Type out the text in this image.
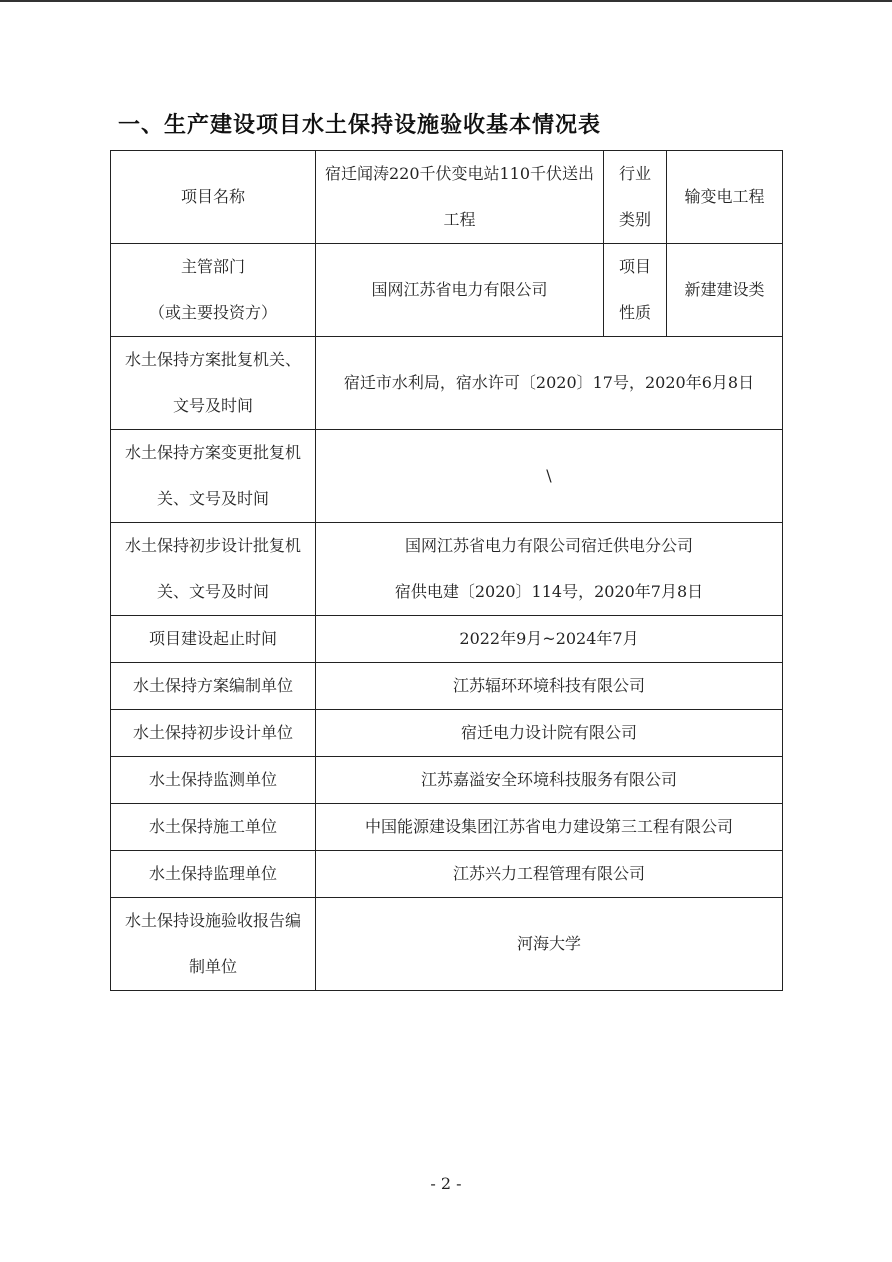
一、生产建设项目水土保持设施验收基本情况表
项目名称	宿迁闻涛220千伏变电站110千伏送出工程	行业类别	输变电工程

主管部门
（或主要投资方）	国网江苏省电力有限公司	项目性质	新建建设类
水土保持方案批复机关、文号及时间	宿迁市水利局，宿水许可〔2020〕17号，2020年6月8日		
水土保持方案变更批复机关、文号及时间	\		
水土保持初步设计批复机关、文号及时间	国网江苏省电力有限公司宿迁供电分公司
宿供电建〔2020〕114号，2020年7月8日		

项目建设起止时间	2022年9月~2024年7月		
水土保持方案编制单位	江苏辐环环境科技有限公司		
水土保持初步设计单位	宿迁电力设计院有限公司		
水土保持监测单位	江苏嘉溢安全环境科技服务有限公司		
水土保持施工单位	中国能源建设集团江苏省电力建设第三工程有限公司		
水土保持监理单位	江苏兴力工程管理有限公司		
水土保持设施验收报告编制单位	河海大学		
- 2 -
